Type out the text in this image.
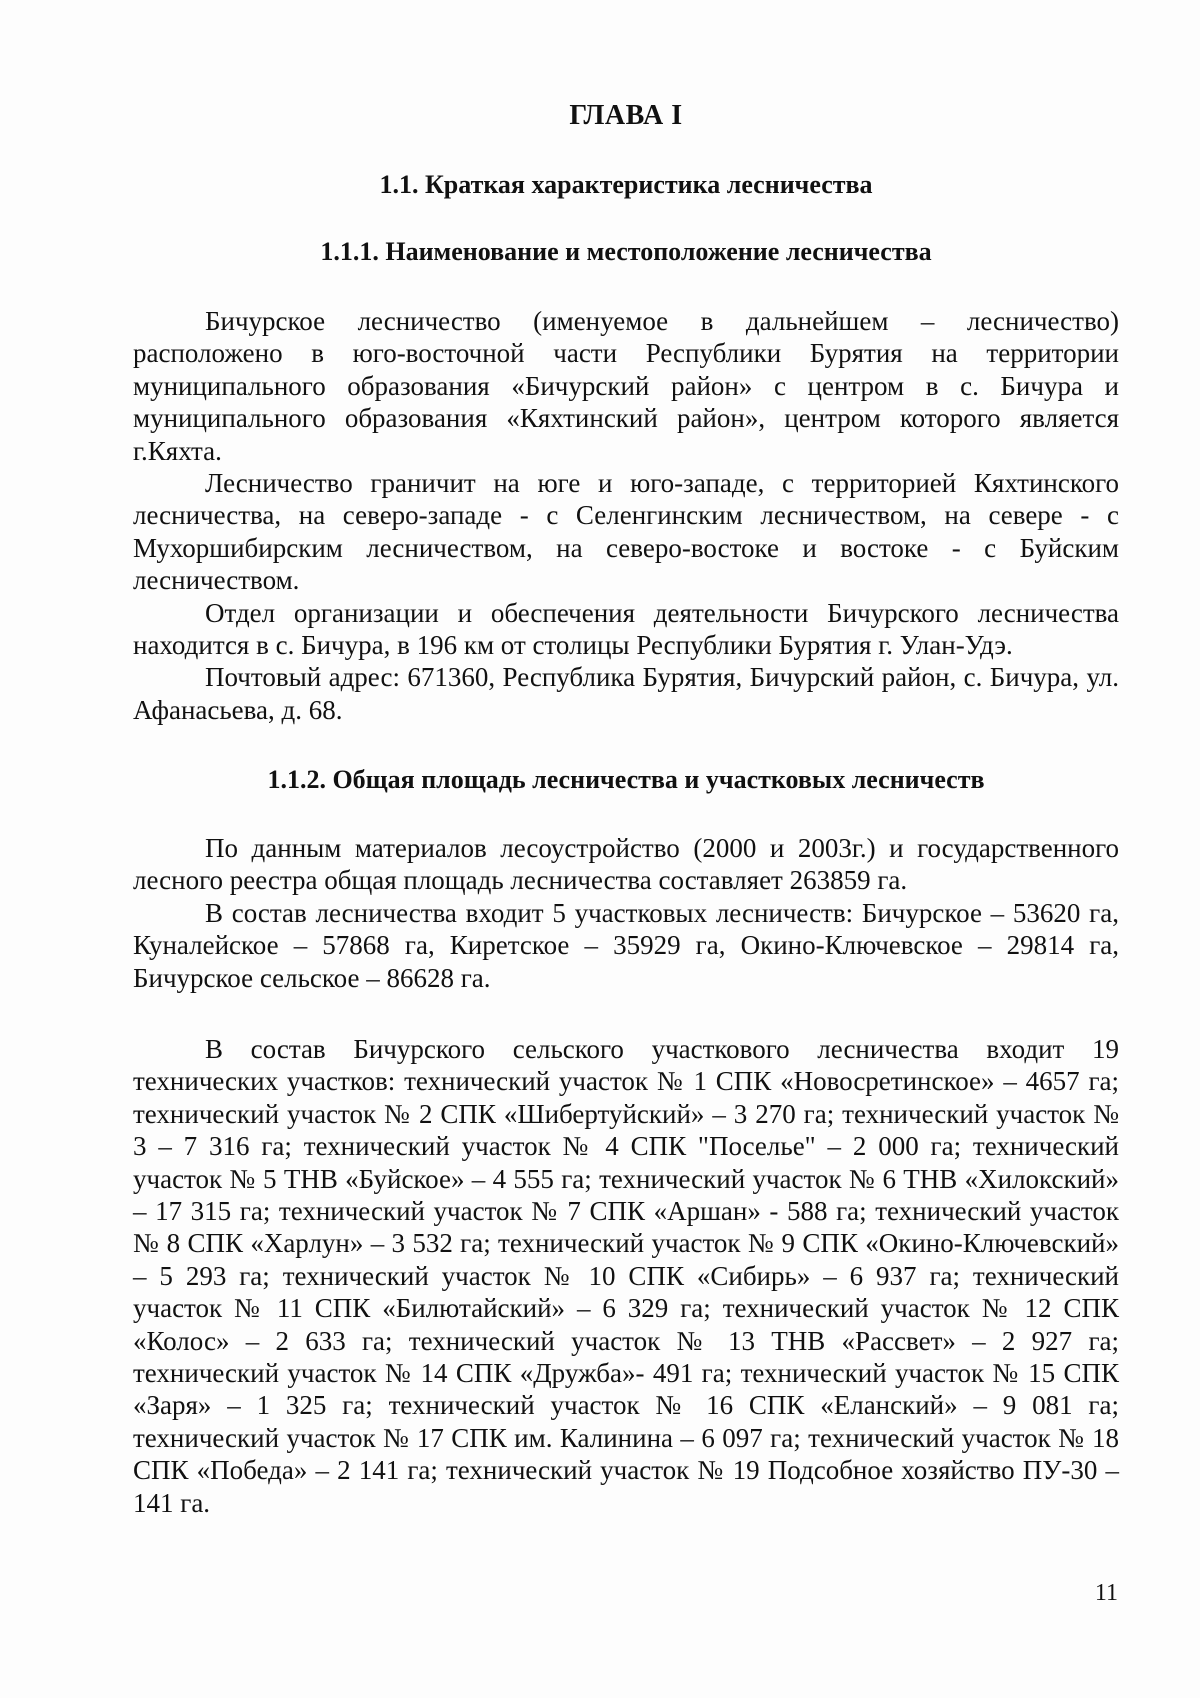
ГЛАВА I
1.1. Краткая характеристика лесничества
1.1.1. Наименование и местоположение лесничества

Бичурское лесничество (именуемое в дальнейшем – лесничество) расположено в юго-восточной части Республики Бурятия на территории муниципального образования «Бичурский район» с центром в с. Бичура и муниципального образования «Кяхтинский район», центром которого является г.Кяхта.

Лесничество граничит на юге и юго-западе, с территорией Кяхтинского лесничества, на северо-западе - с Селенгинским лесничеством, на севере - с Мухоршибирским лесничеством, на северо-востоке и востоке - с Буйским лесничеством.

Отдел организации и обеспечения деятельности Бичурского лесничества находится в с. Бичура, в 196 км от столицы Республики Бурятия г. Улан-Удэ.

Почтовый адрес: 671360, Республика Бурятия, Бичурский район, с. Бичура, ул. Афанасьева, д. 68.

1.1.2. Общая площадь лесничества и участковых лесничеств

По данным материалов лесоустройство (2000 и 2003г.) и государственного лесного реестра общая площадь лесничества составляет 263859 га.

В состав лесничества входит 5 участковых лесничеств: Бичурское – 53620 га, Куналейское – 57868 га, Киретское – 35929 га, Окино-Ключевское – 29814 га, Бичурское сельское – 86628 га.

В состав Бичурского сельского участкового лесничества входит 19 технических участков: технический участок № 1 СПК «Новосретинское» – 4657 га; технический участок № 2 СПК «Шибертуйский» – 3 270 га; технический участок № 3 – 7 316 га; технический участок № 4 СПК "Поселье" – 2 000 га; технический участок № 5 ТНВ «Буйское» – 4 555 га; технический участок № 6 ТНВ «Хилокский» – 17 315 га; технический участок № 7 СПК «Аршан» - 588 га; технический участок № 8 СПК «Харлун» – 3 532 га; технический участок № 9 СПК «Окино-Ключевский» – 5 293 га; технический участок № 10 СПК «Сибирь» – 6 937 га; технический участок № 11 СПК «Билютайский» – 6 329 га; технический участок № 12 СПК «Колос» – 2 633 га; технический участок № 13 ТНВ «Рассвет» – 2 927 га; технический участок № 14 СПК «Дружба»- 491 га; технический участок № 15 СПК «Заря» – 1 325 га; технический участок № 16 СПК «Еланский» – 9 081 га; технический участок № 17 СПК им. Калинина – 6 097 га; технический участок № 18 СПК «Победа» – 2 141 га; технический участок № 19 Подсобное хозяйство ПУ-30 – 141 га.

11
